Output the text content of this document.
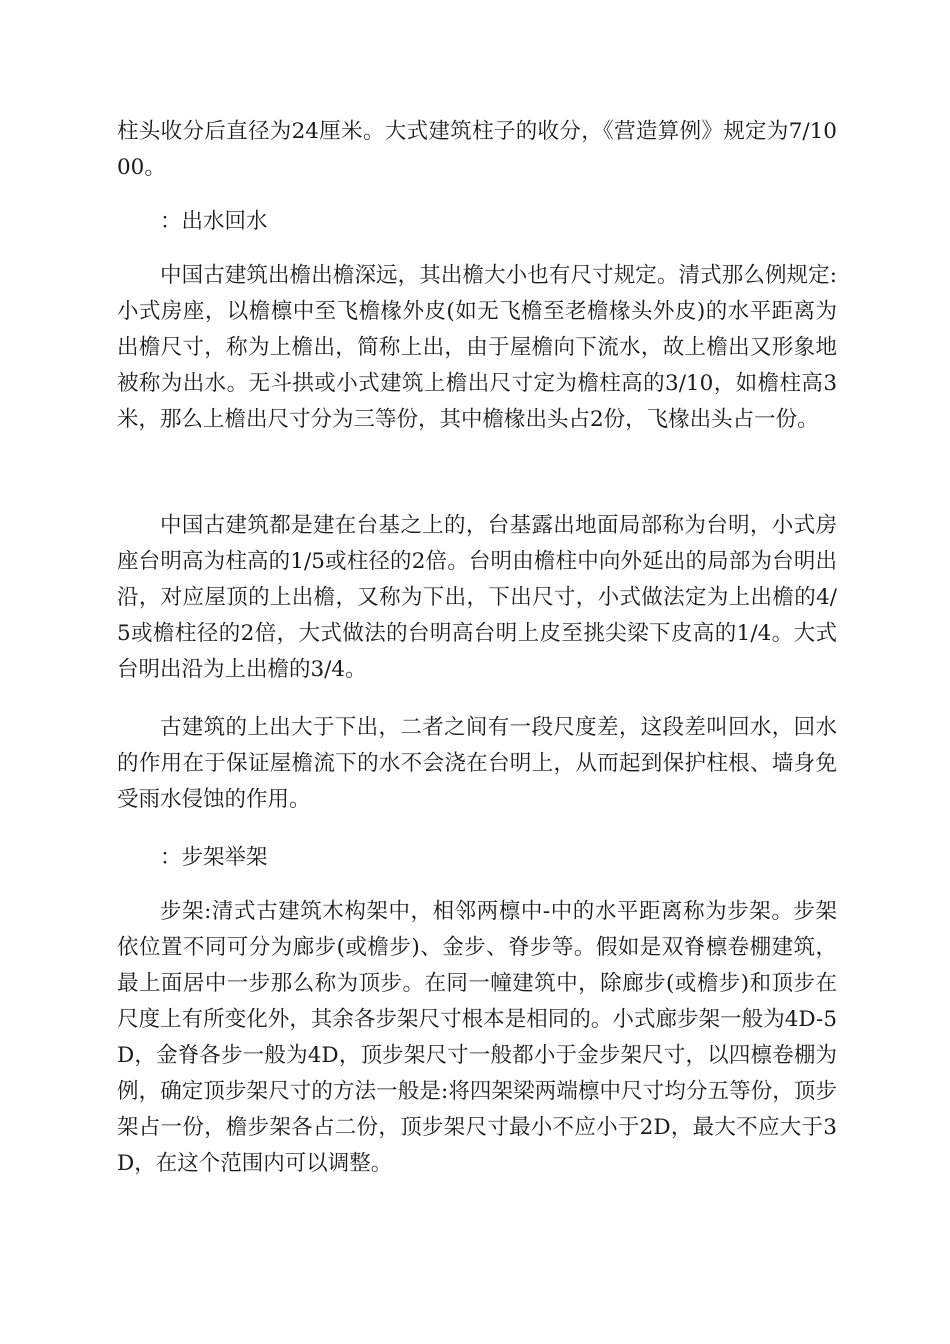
柱头收分后直径为24厘米。大式建筑柱子的收分，《营造算例》规定为7/1000。

：出水回水

中国古建筑出檐出檐深远，其出檐大小也有尺寸规定。清式那么例规定:小式房座，以檐檩中至飞檐椽外皮(如无飞檐至老檐椽头外皮)的水平距离为出檐尺寸，称为上檐出，简称上出，由于屋檐向下流水，故上檐出又形象地被称为出水。无斗拱或小式建筑上檐出尺寸定为檐柱高的3/10，如檐柱高3米，那么上檐出尺寸分为三等份，其中檐椽出头占2份，飞椽出头占一份。

中国古建筑都是建在台基之上的，台基露出地面局部称为台明，小式房座台明高为柱高的1/5或柱径的2倍。台明由檐柱中向外延出的局部为台明出沿，对应屋顶的上出檐，又称为下出，下出尺寸，小式做法定为上出檐的4/5或檐柱径的2倍，大式做法的台明高台明上皮至挑尖梁下皮高的1/4。大式台明出沿为上出檐的3/4。

古建筑的上出大于下出，二者之间有一段尺度差，这段差叫回水，回水的作用在于保证屋檐流下的水不会浇在台明上，从而起到保护柱根、墙身免受雨水侵蚀的作用。

：步架举架

步架:清式古建筑木构架中，相邻两檩中-中的水平距离称为步架。步架依位置不同可分为廊步(或檐步)、金步、脊步等。假如是双脊檩卷棚建筑，最上面居中一步那么称为顶步。在同一幢建筑中，除廊步(或檐步)和顶步在尺度上有所变化外，其余各步架尺寸根本是相同的。小式廊步架一般为4D-5D，金脊各步一般为4D，顶步架尺寸一般都小于金步架尺寸，以四檩卷棚为例，确定顶步架尺寸的方法一般是:将四架梁两端檩中尺寸均分五等份，顶步架占一份，檐步架各占二份，顶步架尺寸最小不应小于2D，最大不应大于3D，在这个范围内可以调整。
